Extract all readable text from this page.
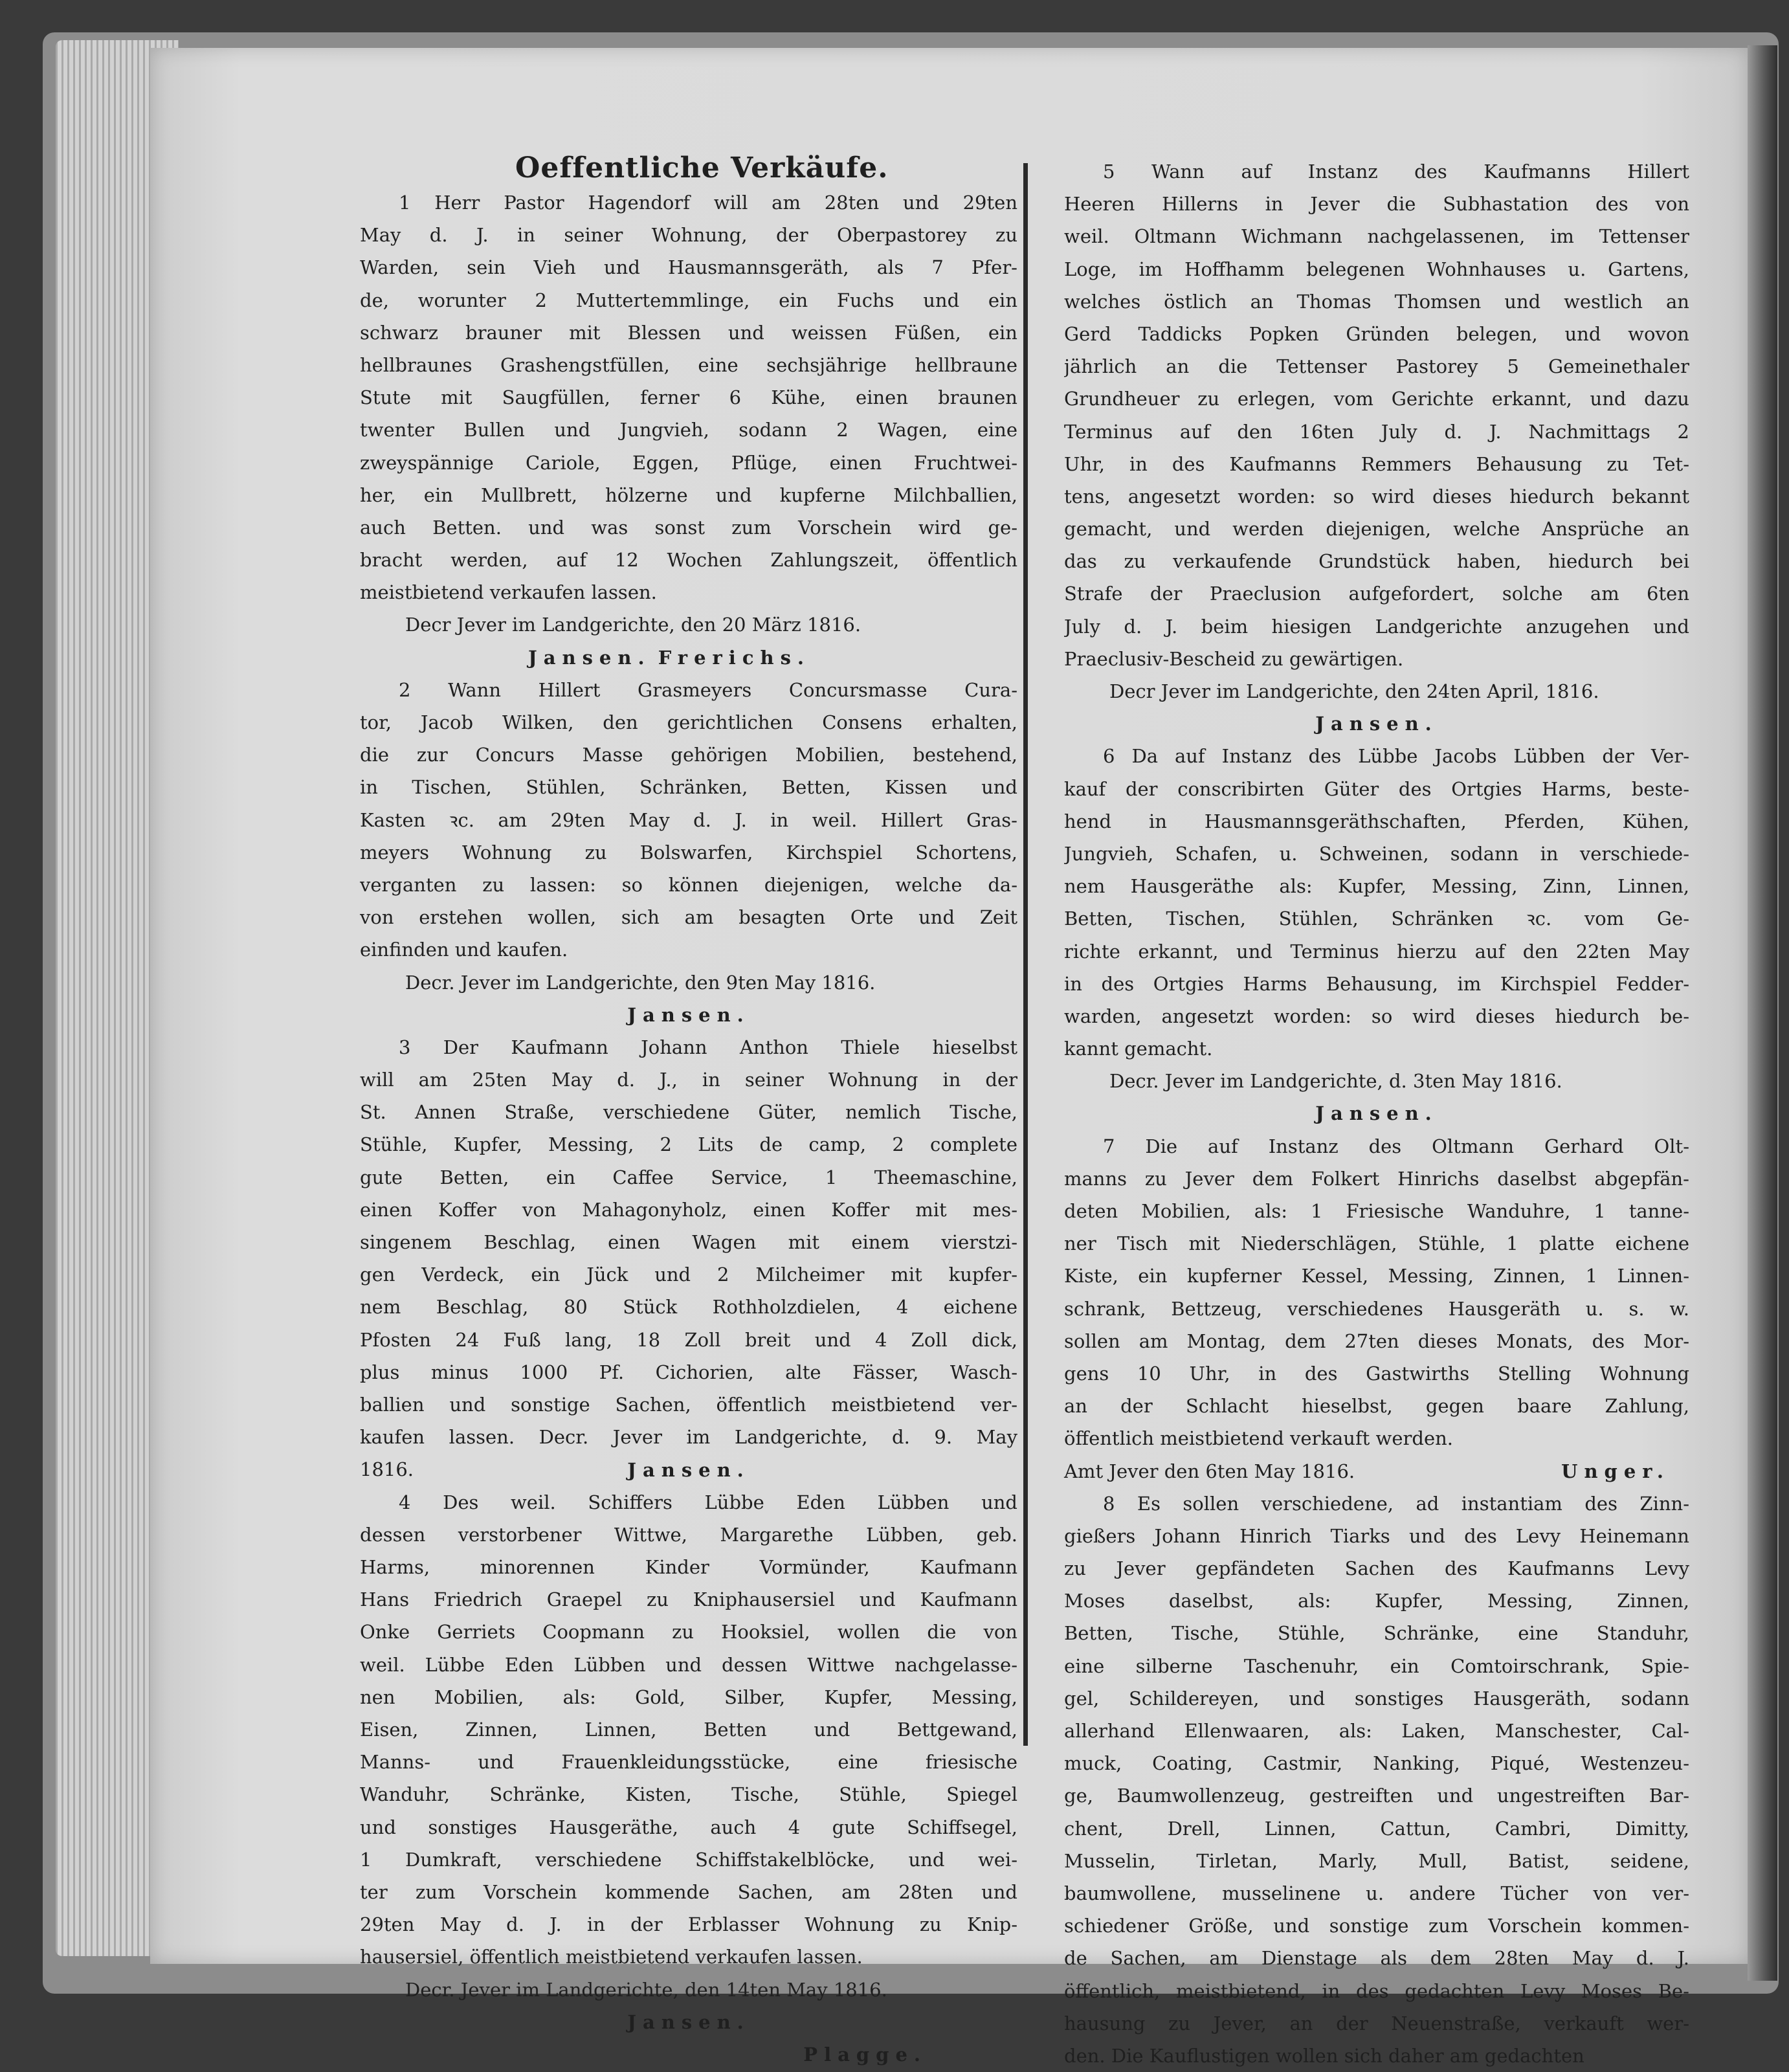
Oeffentliche Verkäufe.
1 Herr Pastor Hagendorf will am 28ten und 29ten
May d. J. in seiner Wohnung, der Oberpastorey zu
Warden, sein Vieh und Hausmannsgeräth, als 7 Pfer-
de, worunter 2 Muttertemmlinge, ein Fuchs und ein
schwarz brauner mit Blessen und weissen Füßen, ein
hellbraunes Grashengstfüllen, eine sechsjährige hellbraune
Stute mit Saugfüllen, ferner 6 Kühe, einen braunen
twenter Bullen und Jungvieh, sodann 2 Wagen, eine
zweyspännige Cariole, Eggen, Pflüge, einen Fruchtwei-
her, ein Mullbrett, hölzerne und kupferne Milchballien,
auch Betten. und was sonst zum Vorschein wird ge-
bracht werden, auf 12 Wochen Zahlungszeit, öffentlich
meistbietend verkaufen lassen.
Decr Jever im Landgerichte, den 20 März 1816.
Jansen. Frerichs.
2 Wann Hillert Grasmeyers Concursmasse Cura-
tor, Jacob Wilken, den gerichtlichen Consens erhalten,
die zur Concurs Masse gehörigen Mobilien, bestehend,
in Tischen, Stühlen, Schränken, Betten, Kissen und
Kasten ꝛc. am 29ten May d. J. in weil. Hillert Gras-
meyers Wohnung zu Bolswarfen, Kirchspiel Schortens,
verganten zu lassen: so können diejenigen, welche da-
von erstehen wollen, sich am besagten Orte und Zeit
einfinden und kaufen.
Decr. Jever im Landgerichte, den 9ten May 1816.
Jansen.
3 Der Kaufmann Johann Anthon Thiele hieselbst
will am 25ten May d. J., in seiner Wohnung in der
St. Annen Straße, verschiedene Güter, nemlich Tische,
Stühle, Kupfer, Messing, 2 Lits de camp, 2 complete
gute Betten, ein Caffee Service, 1 Theemaschine,
einen Koffer von Mahagonyholz, einen Koffer mit mes-
singenem Beschlag, einen Wagen mit einem vierstzi-
gen Verdeck, ein Jück und 2 Milcheimer mit kupfer-
nem Beschlag, 80 Stück Rothholzdielen, 4 eichene
Pfosten 24 Fuß lang, 18 Zoll breit und 4 Zoll dick,
plus minus 1000 Pf. Cichorien, alte Fässer, Wasch-
ballien und sonstige Sachen, öffentlich meistbietend ver-
kaufen lassen. Decr. Jever im Landgerichte, d. 9. May
1816.	Jansen.
4 Des weil. Schiffers Lübbe Eden Lübben und
dessen verstorbener Wittwe, Margarethe Lübben, geb.
Harms, minorennen Kinder Vormünder, Kaufmann
Hans Friedrich Graepel zu Kniphausersiel und Kaufmann
Onke Gerriets Coopmann zu Hooksiel, wollen die von
weil. Lübbe Eden Lübben und dessen Wittwe nachgelasse-
nen Mobilien, als: Gold, Silber, Kupfer, Messing,
Eisen, Zinnen, Linnen, Betten und Bettgewand,
Manns- und Frauenkleidungsstücke, eine friesische
Wanduhr, Schränke, Kisten, Tische, Stühle, Spiegel
und sonstiges Hausgeräthe, auch 4 gute Schiffsegel,
1 Dumkraft, verschiedene Schiffstakelblöcke, und wei-
ter zum Vorschein kommende Sachen, am 28ten und
29ten May d. J. in der Erblasser Wohnung zu Knip-
hausersiel, öffentlich meistbietend verkaufen lassen.
Decr. Jever im Landgerichte, den 14ten May 1816.
Jansen.
Plagge.
5 Wann auf Instanz des Kaufmanns Hillert
Heeren Hillerns in Jever die Subhastation des von
weil. Oltmann Wichmann nachgelassenen, im Tettenser
Loge, im Hoffhamm belegenen Wohnhauses u. Gartens,
welches östlich an Thomas Thomsen und westlich an
Gerd Taddicks Popken Gründen belegen, und wovon
jährlich an die Tettenser Pastorey 5 Gemeinethaler
Grundheuer zu erlegen, vom Gerichte erkannt, und dazu
Terminus auf den 16ten July d. J. Nachmittags 2
Uhr, in des Kaufmanns Remmers Behausung zu Tet-
tens, angesetzt worden: so wird dieses hiedurch bekannt
gemacht, und werden diejenigen, welche Ansprüche an
das zu verkaufende Grundstück haben, hiedurch bei
Strafe der Praeclusion aufgefordert, solche am 6ten
July d. J. beim hiesigen Landgerichte anzugehen und
Praeclusiv-Bescheid zu gewärtigen.
Decr Jever im Landgerichte, den 24ten April, 1816.
Jansen.
6 Da auf Instanz des Lübbe Jacobs Lübben der Ver-
kauf der conscribirten Güter des Ortgies Harms, beste-
hend in Hausmannsgeräthschaften, Pferden, Kühen,
Jungvieh, Schafen, u. Schweinen, sodann in verschiede-
nem Hausgeräthe als: Kupfer, Messing, Zinn, Linnen,
Betten, Tischen, Stühlen, Schränken ꝛc. vom Ge-
richte erkannt, und Terminus hierzu auf den 22ten May
in des Ortgies Harms Behausung, im Kirchspiel Fedder-
warden, angesetzt worden: so wird dieses hiedurch be-
kannt gemacht.
Decr. Jever im Landgerichte, d. 3ten May 1816.
Jansen.
7 Die auf Instanz des Oltmann Gerhard Olt-
manns zu Jever dem Folkert Hinrichs daselbst abgepfän-
deten Mobilien, als: 1 Friesische Wanduhre, 1 tanne-
ner Tisch mit Niederschlägen, Stühle, 1 platte eichene
Kiste, ein kupferner Kessel, Messing, Zinnen, 1 Linnen-
schrank, Bettzeug, verschiedenes Hausgeräth u. s. w.
sollen am Montag, dem 27ten dieses Monats, des Mor-
gens 10 Uhr, in des Gastwirths Stelling Wohnung
an der Schlacht hieselbst, gegen baare Zahlung,
öffentlich meistbietend verkauft werden.
Amt Jever den 6ten May 1816.	Unger.
8 Es sollen verschiedene, ad instantiam des Zinn-
gießers Johann Hinrich Tiarks und des Levy Heinemann
zu Jever gepfändeten Sachen des Kaufmanns Levy
Moses daselbst, als: Kupfer, Messing, Zinnen,
Betten, Tische, Stühle, Schränke, eine Standuhr,
eine silberne Taschenuhr, ein Comtoirschrank, Spie-
gel, Schildereyen, und sonstiges Hausgeräth, sodann
allerhand Ellenwaaren, als: Laken, Manschester, Cal-
muck, Coating, Castmir, Nanking, Piqué, Westenzeu-
ge, Baumwollenzeug, gestreiften und ungestreiften Bar-
chent, Drell, Linnen, Cattun, Cambri, Dimitty,
Musselin, Tirletan, Marly, Mull, Batist, seidene,
baumwollene, musselinene u. andere Tücher von ver-
schiedener Größe, und sonstige zum Vorschein kommen-
de Sachen, am Dienstage als dem 28ten May d. J.
öffentlich, meistbietend, in des gedachten Levy Moses Be-
hausung zu Jever, an der Neuenstraße, verkauft wer-
den. Die Kauflustigen wollen sich daher am gedachten
